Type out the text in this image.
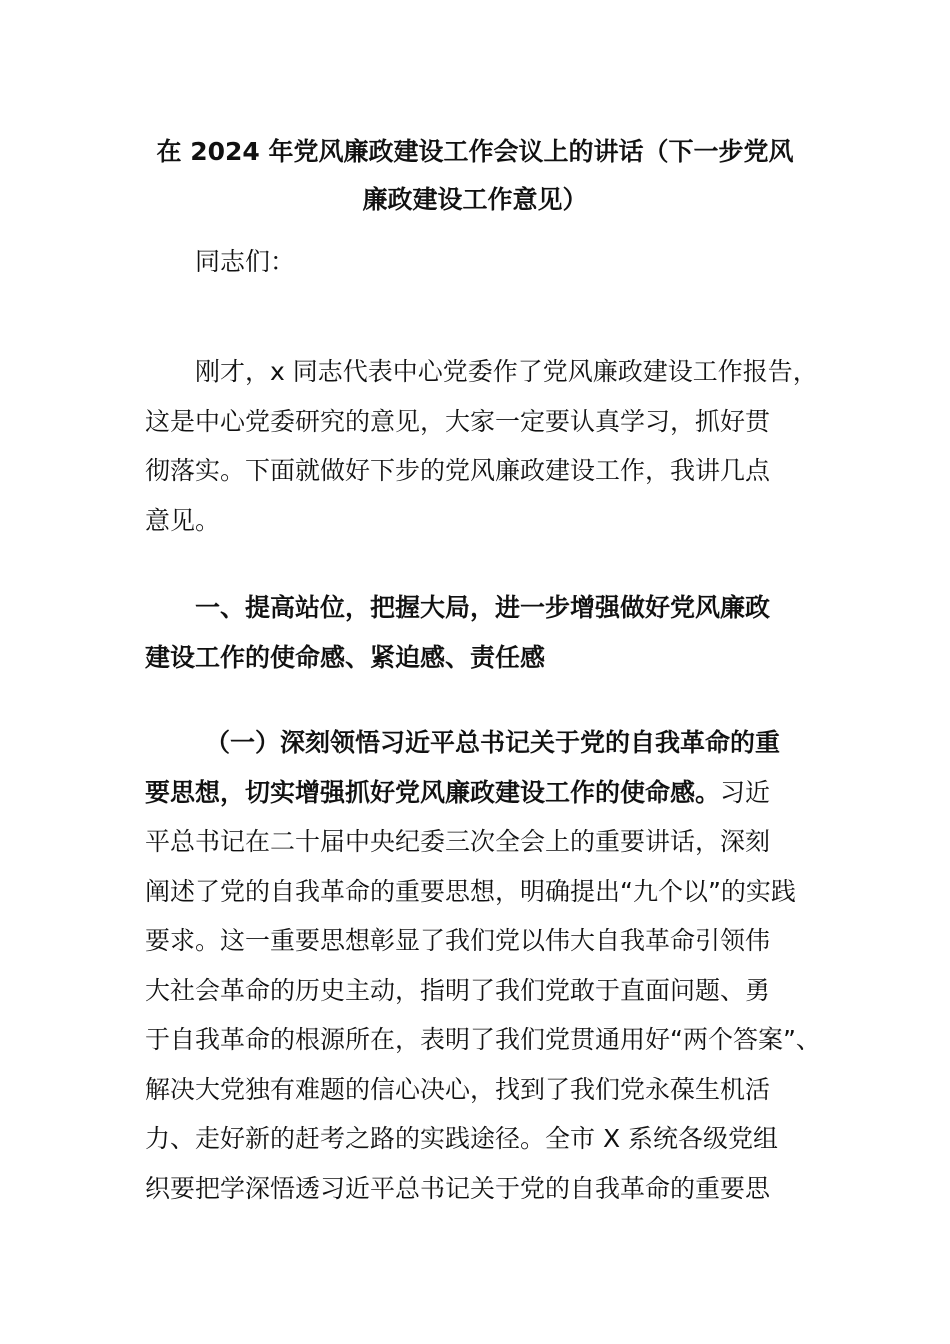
在 2024 年党风廉政建设工作会议上的讲话（下一步党风
廉政建设工作意见）
同志们：
刚才，x 同志代表中心党委作了党风廉政建设工作报告，
这是中心党委研究的意见，大家一定要认真学习，抓好贯
彻落实。下面就做好下步的党风廉政建设工作，我讲几点
意见。
一、提高站位，把握大局，进一步增强做好党风廉政
建设工作的使命感、紧迫感、责任感
（一）深刻领悟习近平总书记关于党的自我革命的重
要思想，切实增强抓好党风廉政建设工作的使命感。习近
平总书记在二十届中央纪委三次全会上的重要讲话，深刻
阐述了党的自我革命的重要思想，明确提出“九个以”的实践
要求。这一重要思想彰显了我们党以伟大自我革命引领伟
大社会革命的历史主动，指明了我们党敢于直面问题、勇
于自我革命的根源所在，表明了我们党贯通用好“两个答案”、
解决大党独有难题的信心决心，找到了我们党永葆生机活
力、走好新的赶考之路的实践途径。全市 X 系统各级党组
织要把学深悟透习近平总书记关于党的自我革命的重要思
